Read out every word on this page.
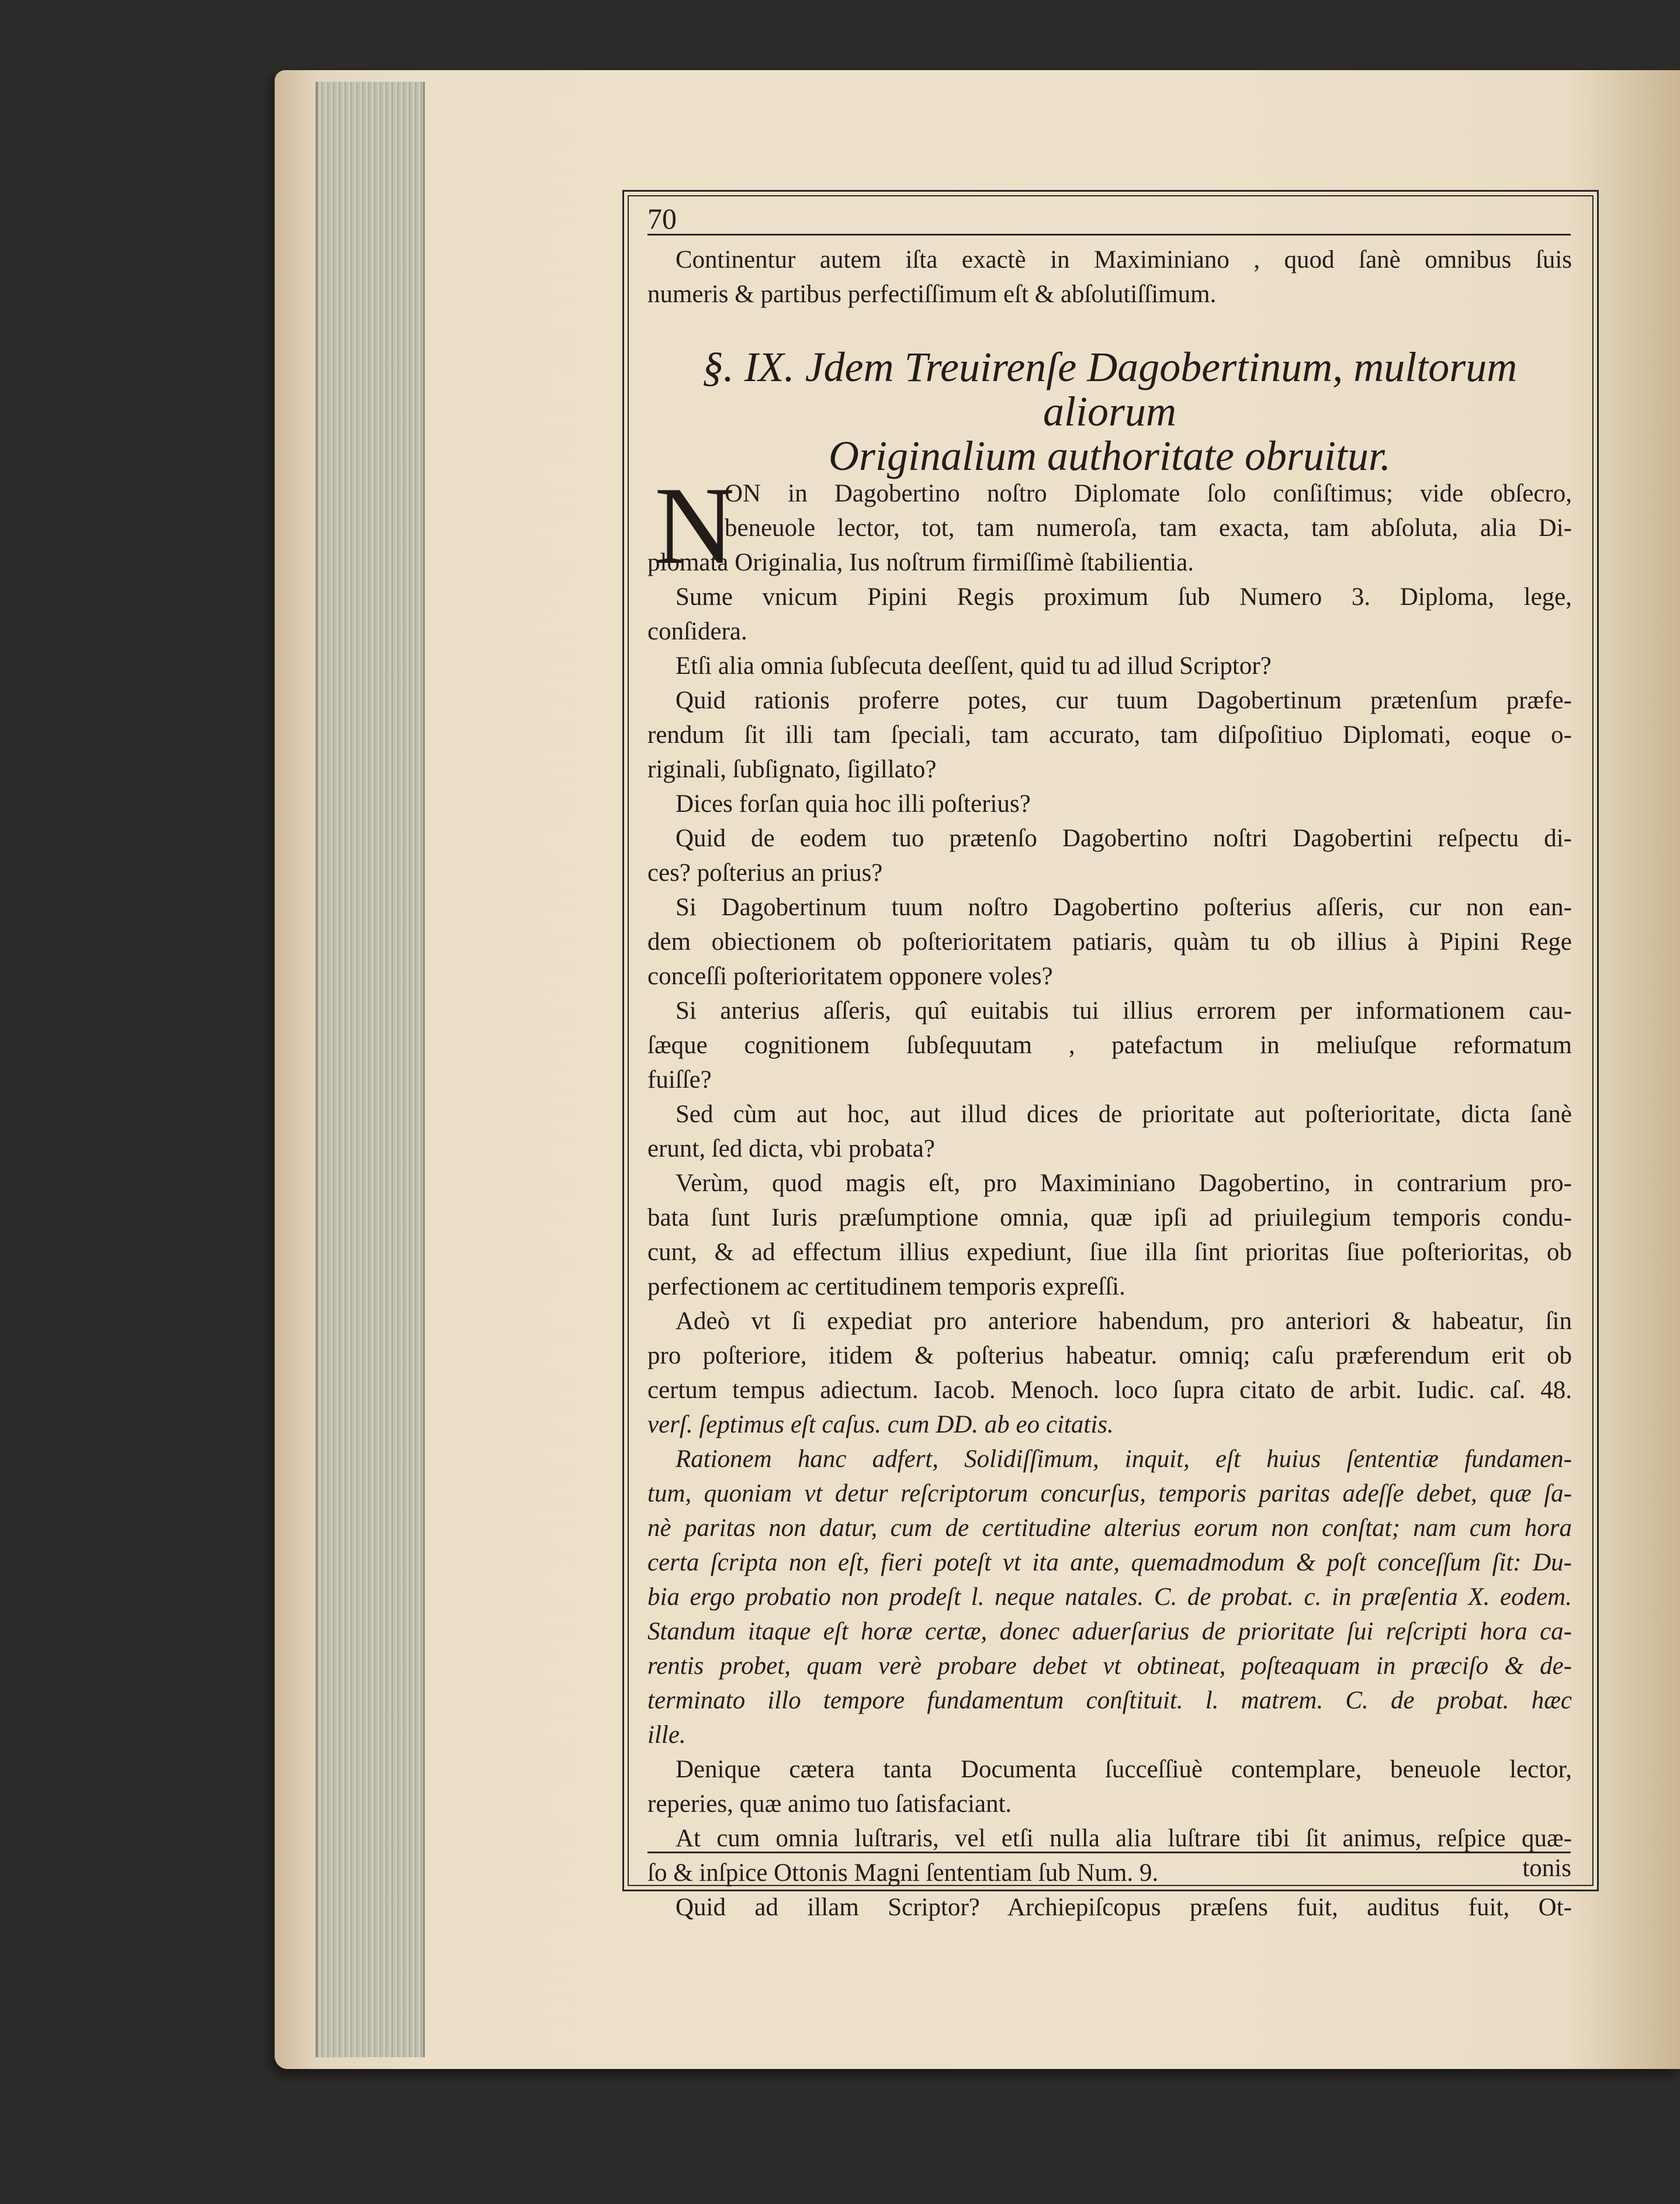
70
Continentur autem iſta exactè in Maximiniano , quod ſanè omnibus ſuis
numeris & partibus perfectiſſimum eſt & abſolutiſſimum.
§. IX. Jdem Treuirenſe Dagobertinum, multorum aliorum
Originalium authoritate obruitur.
N
ON in Dagobertino noſtro Diplomate ſolo conſiſtimus; vide obſecro,
beneuole lector, tot, tam numeroſa, tam exacta, tam abſoluta, alia Di-
plomata Originalia, Ius noſtrum firmiſſimè ſtabilientia.
Sume vnicum Pipini Regis proximum ſub Numero 3. Diploma, lege,
conſidera.
Etſi alia omnia ſubſecuta deeſſent, quid tu ad illud Scriptor?
Quid rationis proferre potes, cur tuum Dagobertinum prætenſum præfe-
rendum ſit illi tam ſpeciali, tam accurato, tam diſpoſitiuo Diplomati, eoque o-
riginali, ſubſignato, ſigillato?
Dices forſan quia hoc illi poſterius?
Quid de eodem tuo prætenſo Dagobertino noſtri Dagobertini reſpectu di-
ces? poſterius an prius?
Si Dagobertinum tuum noſtro Dagobertino poſterius aſſeris, cur non ean-
dem obiectionem ob poſterioritatem patiaris, quàm tu ob illius à Pipini Rege
conceſſi poſterioritatem opponere voles?
Si anterius aſſeris, quî euitabis tui illius errorem per informationem cau-
ſæque cognitionem ſubſequutam , patefactum in meliuſque reformatum
fuiſſe?
Sed cùm aut hoc, aut illud dices de prioritate aut poſterioritate, dicta ſanè
erunt, ſed dicta, vbi probata?
Verùm, quod magis eſt, pro Maximiniano Dagobertino, in contrarium pro-
bata ſunt Iuris præſumptione omnia, quæ ipſi ad priuilegium temporis condu-
cunt, & ad effectum illius expediunt, ſiue illa ſint prioritas ſiue poſterioritas, ob
perfectionem ac certitudinem temporis expreſſi.
Adeò vt ſi expediat pro anteriore habendum, pro anteriori & habeatur, ſin
pro poſteriore, itidem & poſterius habeatur. omniq; caſu præferendum erit ob
certum tempus adiectum. Iacob. Menoch. loco ſupra citato de arbit. Iudic. caſ. 48.
verſ. ſeptimus eſt caſus. cum DD. ab eo citatis.
Rationem hanc adfert, Solidiſſimum, inquit, eſt huius ſententiæ fundamen-
tum, quoniam vt detur reſcriptorum concurſus, temporis paritas adeſſe debet, quæ ſa-
nè paritas non datur, cum de certitudine alterius eorum non conſtat; nam cum hora
certa ſcripta non eſt, fieri poteſt vt ita ante, quemadmodum & poſt conceſſum ſit: Du-
bia ergo probatio non prodeſt l. neque natales. C. de probat. c. in præſentia X. eodem.
Standum itaque eſt horæ certæ, donec aduerſarius de prioritate ſui reſcripti hora ca-
rentis probet, quam verè probare debet vt obtineat, poſteaquam in præciſo & de-
terminato illo tempore fundamentum conſtituit. l. matrem. C. de probat. hæc
ille.
Denique cætera tanta Documenta ſucceſſiuè contemplare, beneuole lector,
reperies, quæ animo tuo ſatisfaciant.
At cum omnia luſtraris, vel etſi nulla alia luſtrare tibi ſit animus, reſpice quæ-
ſo & inſpice Ottonis Magni ſententiam ſub Num. 9.
Quid ad illam Scriptor? Archiepiſcopus præſens fuit, auditus fuit, Ot-
tonis
